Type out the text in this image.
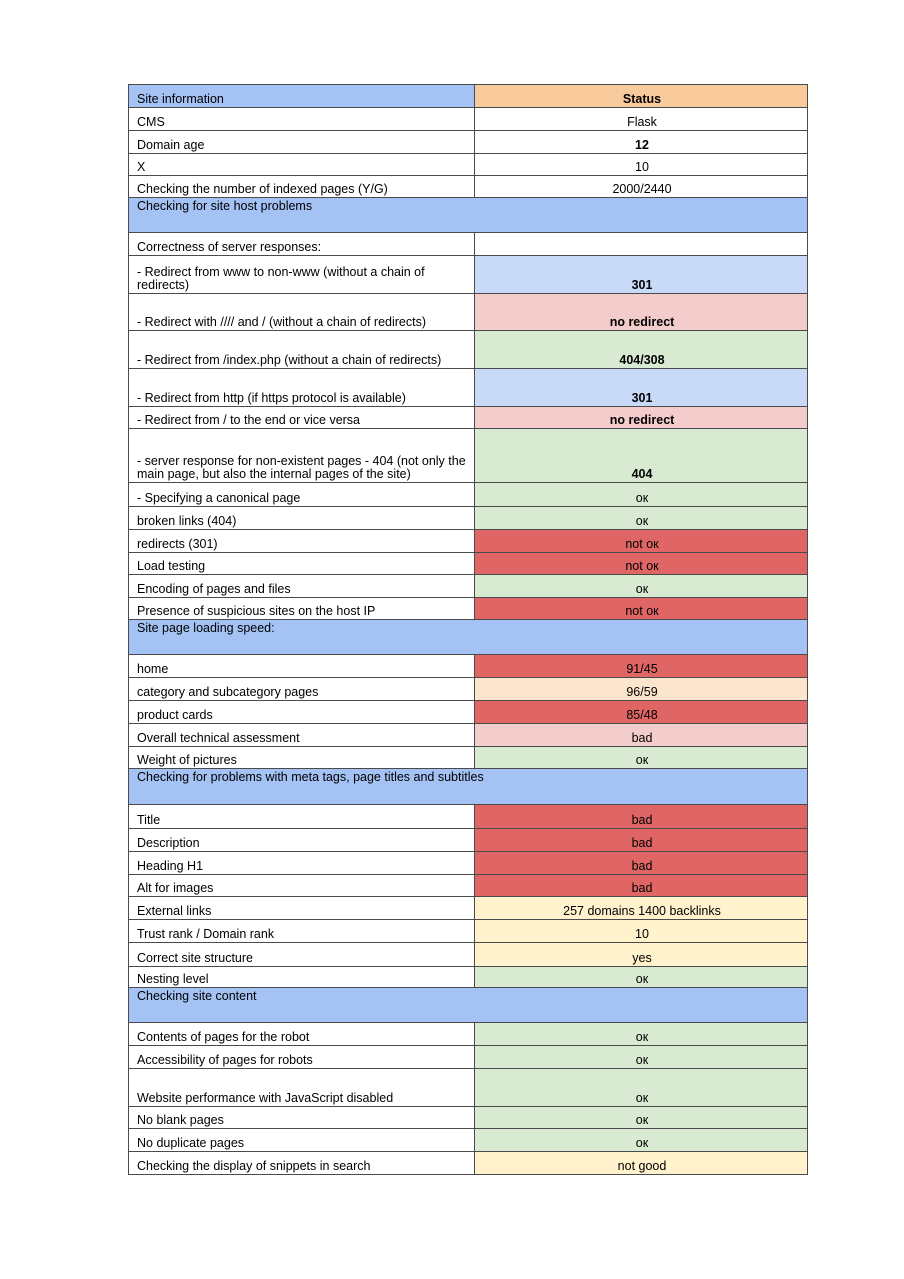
Site information	Status
CMS	Flask
Domain age	12
X	10
Checking the number of indexed pages (Y/G)	2000/2440
Checking for site host problems	
Correctness of server responses:	
- Redirect from www to non-www (without a chain of redirects)	301
- Redirect with //// and / (without a chain of redirects)	no redirect
- Redirect from /index.php (without a chain of redirects)	404/308
- Redirect from http (if https protocol is available)	301
- Redirect from / to the end or vice versa	no redirect
- server response for non-existent pages - 404 (not only the main page, but also the internal pages of the site)	404
- Specifying a canonical page	ок
broken links (404)	ок
redirects (301)	not ок
Load testing	not ок
Encoding of pages and files	ок
Presence of suspicious sites on the host IP	not ок
Site page loading speed:	
home	91/45
category and subcategory pages	96/59
product cards	85/48
Overall technical assessment	bad
Weight of pictures	ок
Checking for problems with meta tags, page titles and subtitles	
Title	bad
Description	bad
Heading H1	bad
Alt for images	bad
External links	257 domains 1400 backlinks
Trust rank / Domain rank	10
Correct site structure	yes
Nesting level	ок
Checking site content	
Contents of pages for the robot	ок
Accessibility of pages for robots	ок
Website performance with JavaScript disabled	ок
No blank pages	ок
No duplicate pages	ок
Checking the display of snippets in search	not good
